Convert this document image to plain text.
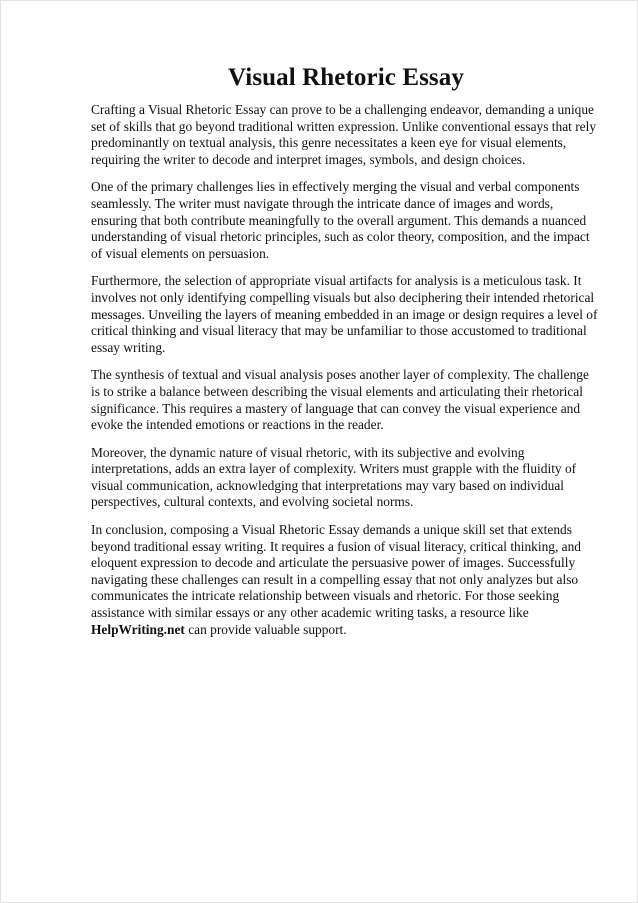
Visual Rhetoric Essay

Crafting a Visual Rhetoric Essay can prove to be a challenging endeavor, demanding a unique set of skills that go beyond traditional written expression. Unlike conventional essays that rely predominantly on textual analysis, this genre necessitates a keen eye for visual elements, requiring the writer to decode and interpret images, symbols, and design choices.

One of the primary challenges lies in effectively merging the visual and verbal components seamlessly. The writer must navigate through the intricate dance of images and words, ensuring that both contribute meaningfully to the overall argument. This demands a nuanced understanding of visual rhetoric principles, such as color theory, composition, and the impact of visual elements on persuasion.

Furthermore, the selection of appropriate visual artifacts for analysis is a meticulous task. It involves not only identifying compelling visuals but also deciphering their intended rhetorical messages. Unveiling the layers of meaning embedded in an image or design requires a level of critical thinking and visual literacy that may be unfamiliar to those accustomed to traditional essay writing.

The synthesis of textual and visual analysis poses another layer of complexity. The challenge is to strike a balance between describing the visual elements and articulating their rhetorical significance. This requires a mastery of language that can convey the visual experience and evoke the intended emotions or reactions in the reader.

Moreover, the dynamic nature of visual rhetoric, with its subjective and evolving interpretations, adds an extra layer of complexity. Writers must grapple with the fluidity of visual communication, acknowledging that interpretations may vary based on individual perspectives, cultural contexts, and evolving societal norms.

In conclusion, composing a Visual Rhetoric Essay demands a unique skill set that extends beyond traditional essay writing. It requires a fusion of visual literacy, critical thinking, and eloquent expression to decode and articulate the persuasive power of images. Successfully navigating these challenges can result in a compelling essay that not only analyzes but also communicates the intricate relationship between visuals and rhetoric. For those seeking assistance with similar essays or any other academic writing tasks, a resource like HelpWriting.net can provide valuable support.
